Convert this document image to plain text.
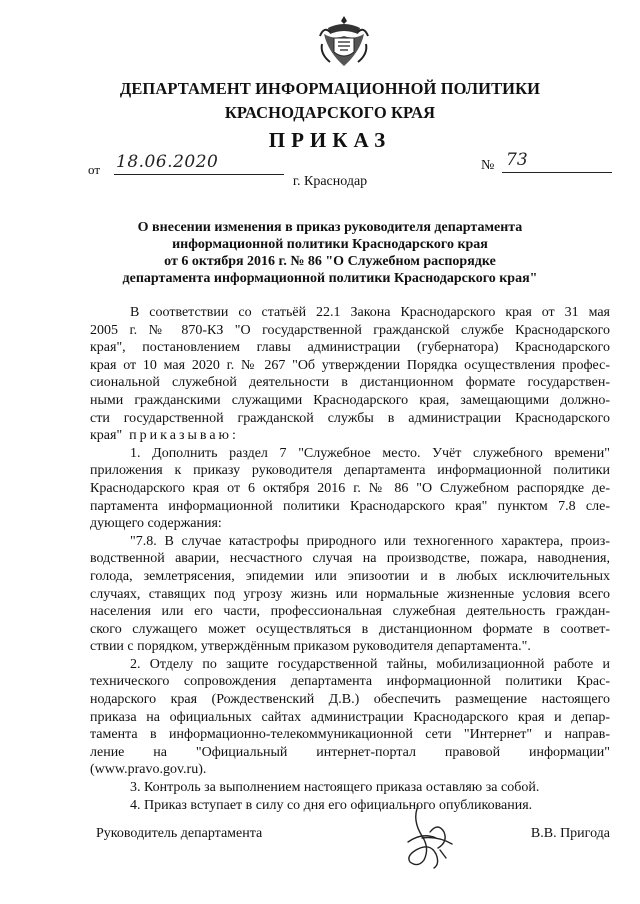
ДЕПАРТАМЕНТ ИНФОРМАЦИОННОЙ ПОЛИТИКИ
КРАСНОДАРСКОГО КРАЯ
ПРИКАЗ
от 18.06.2020	№ 73
г. Краснодар
О внесении изменения в приказ руководителя департамента
информационной политики Краснодарского края
от 6 октября 2016 г. № 86 "О Служебном распорядке
департамента информационной политики Краснодарского края"
В соответствии со статьёй 22.1 Закона Краснодарского края от 31 мая
2005 г. № 870-КЗ "О государственной гражданской службе Краснодарского
края", постановлением главы администрации (губернатора) Краснодарского
края от 10 мая 2020 г. № 267 "Об утверждении Порядка осуществления профес-
сиональной служебной деятельности в дистанционном формате государствен-
ными гражданскими служащими Краснодарского края, замещающими должно-
сти государственной гражданской службы в администрации Краснодарского
края" приказываю:
1. Дополнить раздел 7 "Служебное место. Учёт служебного времени"
приложения к приказу руководителя департамента информационной политики
Краснодарского края от 6 октября 2016 г. № 86 "О Служебном распорядке де-
партамента информационной политики Краснодарского края" пунктом 7.8 сле-
дующего содержания:
"7.8. В случае катастрофы природного или техногенного характера, произ-
водственной аварии, несчастного случая на производстве, пожара, наводнения,
голода, землетрясения, эпидемии или эпизоотии и в любых исключительных
случаях, ставящих под угрозу жизнь или нормальные жизненные условия всего
населения или его части, профессиональная служебная деятельность граждан-
ского служащего может осуществляться в дистанционном формате в соответ-
ствии с порядком, утверждённым приказом руководителя департамента.".
2. Отделу по защите государственной тайны, мобилизационной работе и
технического сопровождения департамента информационной политики Крас-
нодарского края (Рождественский Д.В.) обеспечить размещение настоящего
приказа на официальных сайтах администрации Краснодарского края и депар-
тамента в информационно-телекоммуникационной сети "Интернет" и направ-
ление на "Официальный интернет-портал правовой информации"
(www.pravo.gov.ru).
3. Контроль за выполнением настоящего приказа оставляю за собой.
4. Приказ вступает в силу со дня его официального опубликования.
Руководитель департамента	В.В. Пригода
